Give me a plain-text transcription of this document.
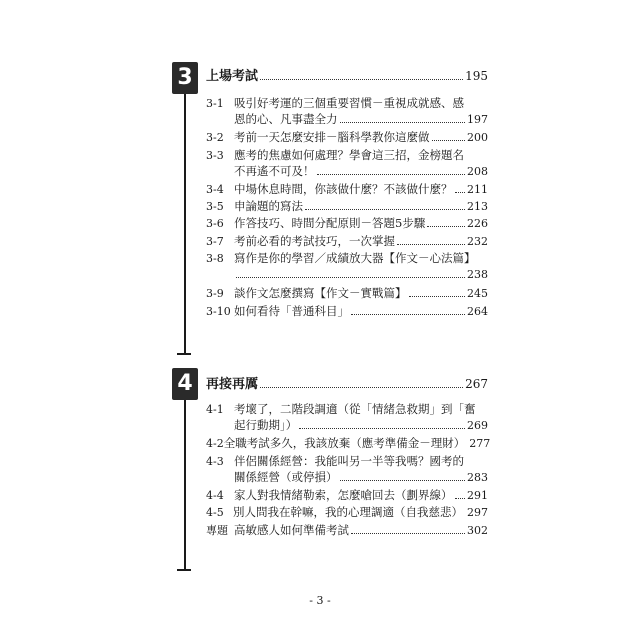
3	上場考試	195
3-1 吸引好考運的三個重要習慣－重視成就感、感
恩的心、凡事盡全力	197
3-2 考前一天怎麼安排－腦科學教你這麼做	200
3-3 應考的焦慮如何處理？學會這三招，金榜題名
不再遙不可及！	208
3-4 中場休息時間，你該做什麼？不該做什麼？ 211
3-5 申論題的寫法	213
3-6 作答技巧、時間分配原則－答題5步驟	226
3-7 考前必看的考試技巧，一次掌握	232
3-8 寫作是你的學習／成績放大器【作文－心法篇】
238
3-9 談作文怎麼撰寫【作文－實戰篇】	245
3-10 如何看待「普通科目」	264
4	再接再厲	267
4-1 考壞了，二階段調適（從「情緒急救期」到「奮
起行動期」）	269
4-2 全職考試多久，我該放棄（應考準備金－理財） 277
4-3 伴侶關係經營：我能叫另一半等我嗎？國考的
關係經營（或停損）	283
4-4 家人對我情緒勒索，怎麼嗆回去（劃界線） 291
4-5 別人問我在幹嘛，我的心理調適（自我慈悲） 297
專題 高敏感人如何準備考試	302
- 3 -
